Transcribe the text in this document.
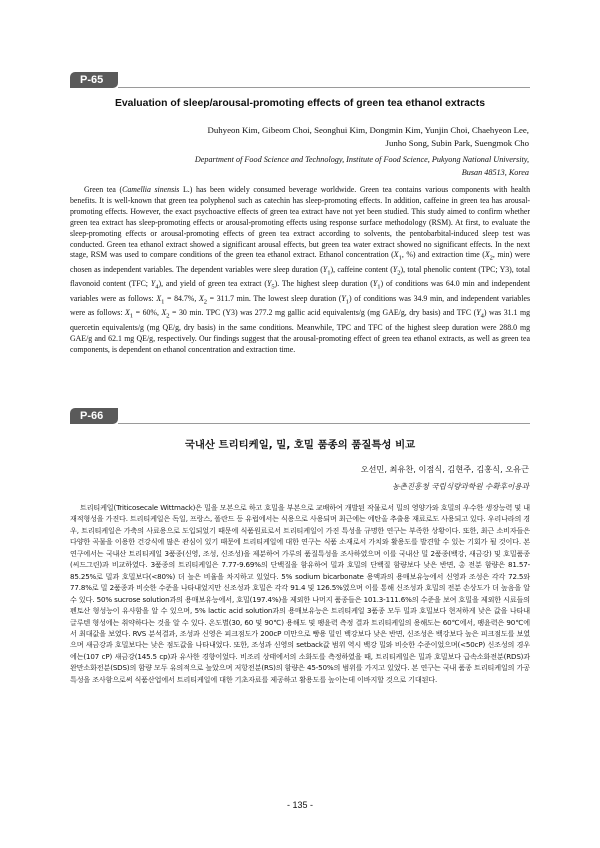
P-65
Evaluation of sleep/arousal-promoting effects of green tea ethanol extracts
Duhyeon Kim, Gibeom Choi, Seonghui Kim, Dongmin Kim, Yunjin Choi, Chaehyeon Lee,
Junho Song, Subin Park, Suengmok Cho
Department of Food Science and Technology, Institute of Food Science, Pukyong National University,
Busan 48513, Korea

Green tea (Camellia sinensis L.) has been widely consumed beverage worldwide. Green tea contains various components with health benefits. It is well-known that green tea polyphenol such as catechin has sleep-promoting effects. In addition, caffeine in green tea has arousal-promoting effects. However, the exact psychoactive effects of green tea extract have not yet been studied. This study aimed to confirm whether green tea extract has sleep-promoting effects or arousal-promoting effects using response surface methodology (RSM). At first, to evaluate the sleep-promoting effects or arousal-promoting effects of green tea extract according to solvents, the pentobarbital-induced sleep test was conducted. Green tea ethanol extract showed a significant arousal effects, but green tea water extract showed no significant effects. In the next stage, RSM was used to compare conditions of the green tea ethanol extract. Ethanol concentration ($X_1$, %) and extraction time ($X_2$, min) were chosen as independent variables. The dependent variables were sleep duration $(Y_1)$, caffeine content $(Y_2)$, total phenolic content (TPC; Y3), total flavonoid content (TFC; $Y_4$), and yield of green tea extract $(Y_5)$. The highest sleep duration $(Y_1)$ of conditions was 64.0 min and independent variables were as follows: $X_1 = 84.7\%$, $X_2 = 311.7$ min. The lowest sleep duration $(Y_1)$ of conditions was 34.9 min, and independent variables were as follows: $X_1 = 60\%$, $X_2 = 30$ min. TPC (Y3) was 277.2 mg gallic acid equivalents/g (mg GAE/g, dry basis) and TFC $(Y_4)$ was 31.1 mg quercetin equivalents/g (mg QE/g, dry basis) in the same conditions. Meanwhile, TPC and TFC of the highest sleep duration were 288.0 mg GAE/g and 62.1 mg QE/g, respectively. Our findings suggest that the arousal-promoting effect of green tea ethanol extracts, as well as green tea components, is dependent on ethanol concentration and extraction time.

P-66
국내산 트리티케일, 밀, 호밀 품종의 품질특성 비교
오선민, 최유찬, 이점식, 김현주, 김홍식, 오유근
농촌진흥청 국립식량과학원 수확후이용과

트리티케일(Triticosecale Wittmack)은 밀을 모본으로 하고 호밀을 부본으로 교배하여 개발된 작물로서 밀의 영양가와 호밀의 우수한 생장능력 및 내재적형성을 가진다. 트리티케일은 독일, 프랑스, 폴란드 등 유럽에서는 식용으로 사용되며 최근에는 에탄올 추출용 재료로도 사용되고 있다. 우리나라의 경우, 트리티케일은 가축의 사료용으로 도입되었기 때문에 식품원료로서 트리티케일이 가진 특성을 규명한 연구는 부족한 상황이다. 또한, 최근 소비자들은 다양한 곡물을 이용한 건강식에 많은 관심이 있기 때문에 트리티케일에 대한 연구는 식품 소재로서 가치와 활용도를 발견할 수 있는 기회가 될 것이다. 본 연구에서는 국내산 트리티케일 3품종(신영, 조성, 신조성)을 제분하여 가루의 품질특성을 조사하였으며 이를 국내산 밀 2품종(백강, 새금강) 및 호밀품종(씨드그린)과 비교하였다. 3품종의 트리티케일은 7.77-9.69%의 단백질을 함유하여 밀과 호밀의 단백질 함량보다 낮은 반면, 총 전분 함량은 81.57-85.25%로 밀과 호밀보다(<80%) 더 높은 비율을 차지하고 있었다. 5% sodium bicarbonate 용액과의 용매보유능에서 신영과 조성은 각각 72.5와 77.8%로 밀 2품종과 비슷한 수준을 나타내었지만 신조성과 호밀은 각각 91.4 및 126.5%였으며 이를 통해 신조성과 호밀의 전분 손상도가 더 높음을 알 수 있다. 50% sucrose solution과의 용매보유능에서, 호밀(197.4%)을 제외한 나머지 품종들은 101.3-111.6%의 수준을 보여 호밀을 제외한 시료들의 펜토산 형성능이 유사함을 알 수 있으며, 5% lactic acid solution과의 용매보유능은 트리티케일 3품종 모두 밀과 호밀보다 현저하게 낮은 값을 나타내 글루텐 형성에는 취약하다는 것을 알 수 있다. 온도별(30, 60 및 90℃) 용해도 및 팽윤력 측정 결과 트리티케일의 용해도는 60℃에서, 팽윤력은 90℃에서 최대값을 보였다. RVS 분석결과, 조성과 신영은 피크점도가 200cP 미만으로 빵용 밀인 백강보다 낮은 반면, 신조성은 백강보다 높은 피크점도를 보였으며 새금강과 호밀보다는 낮은 점도값을 나타내었다. 또한, 조성과 신영의 setback값 범위 역시 백강 밀와 비슷한 수준이었으며(<50cP) 신조성의 경우에는(107 cP) 새금강(145.5 cp)과 유사한 경향이었다. 비조리 상태에서의 소화도를 측정하였을 때, 트리티케일은 밀과 호밀보다 급속소화전분(RDS)과 완만소화전분(SDS)의 함량 모두 유의적으로 높았으며 저항전분(RS)의 함량은 45-50%의 범위를 가지고 있었다. 본 연구는 국내 품종 트리티케일의 가공특성을 조사함으로써 식품산업에서 트리티케일에 대한 기초자료를 제공하고 활용도를 높이는데 이바지할 것으로 기대된다.

- 135 -
